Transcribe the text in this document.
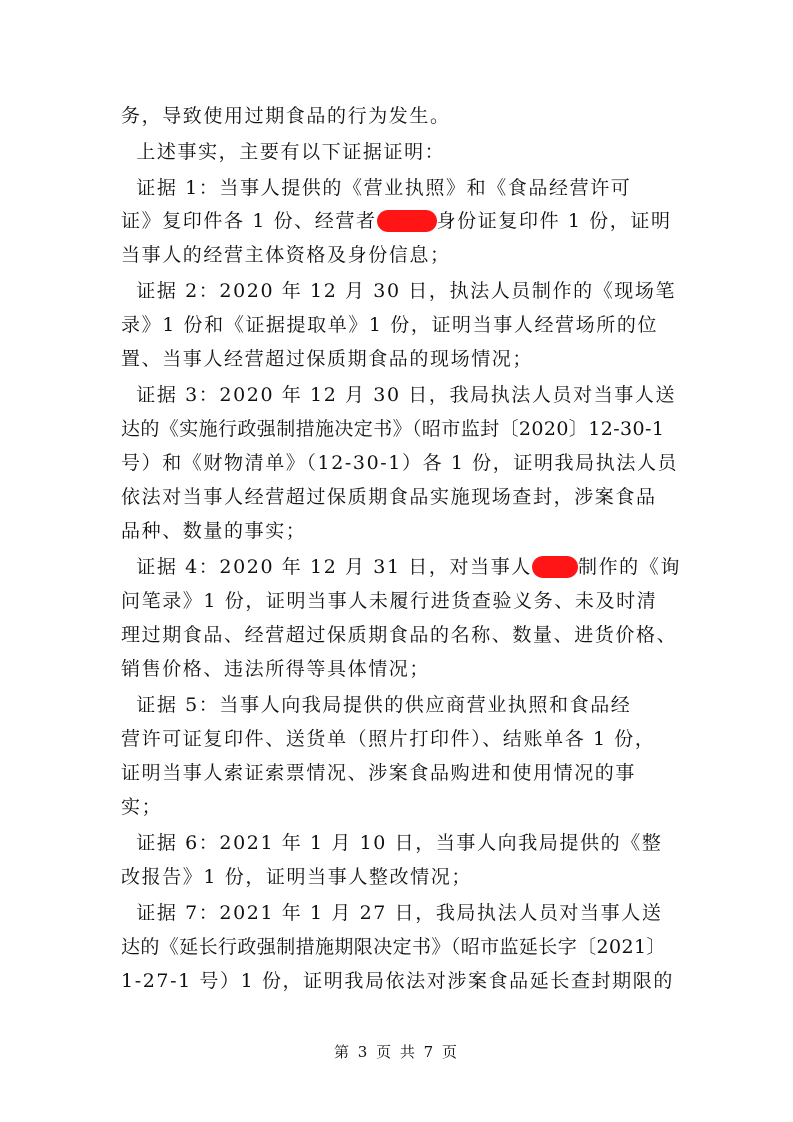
务，导致使用过期食品的行为发生。
上述事实，主要有以下证据证明：
证据 1：当事人提供的《营业执照》和《食品经营许可
证》复印件各 1 份、经营者	身份证复印件 1 份，证明
当事人的经营主体资格及身份信息；
证据 2：2020 年 12 月 30 日，执法人员制作的《现场笔
录》1 份和《证据提取单》1 份，证明当事人经营场所的位
置、当事人经营超过保质期食品的现场情况；
证据 3：2020 年 12 月 30 日，我局执法人员对当事人送
达的《实施行政强制措施决定书》（昭市监封〔2020〕12-30-1
号）和《财物清单》（12-30-1）各 1 份，证明我局执法人员
依法对当事人经营超过保质期食品实施现场查封，涉案食品
品种、数量的事实；
证据 4：2020 年 12 月 31 日，对当事人 制作的《询
问笔录》1 份，证明当事人未履行进货查验义务、未及时清
理过期食品、经营超过保质期食品的名称、数量、进货价格、
销售价格、违法所得等具体情况；
证据 5：当事人向我局提供的供应商营业执照和食品经
营许可证复印件、送货单（照片打印件）、结账单各 1 份，
证明当事人索证索票情况、涉案食品购进和使用情况的事
实；
证据 6：2021 年 1 月 10 日，当事人向我局提供的《整
改报告》1 份，证明当事人整改情况；
证据 7：2021 年 1 月 27 日，我局执法人员对当事人送
达的《延长行政强制措施期限决定书》（昭市监延长字〔2021〕
1-27-1 号）1 份，证明我局依法对涉案食品延长查封期限的
第 3 页 共 7 页
